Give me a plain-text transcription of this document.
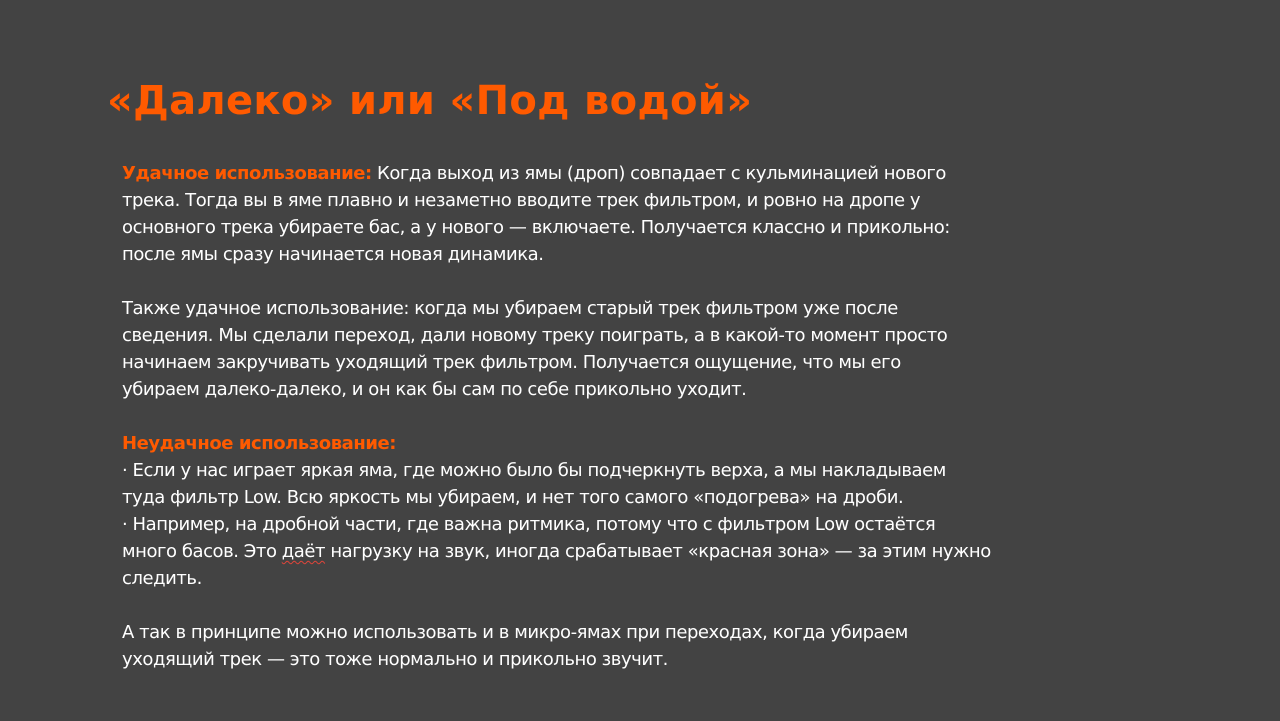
«Далеко» или «Под водой»

Удачное использование: Когда выход из ямы (дроп) совпадает с кульминацией нового
трека. Тогда вы в яме плавно и незаметно вводите трек фильтром, и ровно на дропе у
основного трека убираете бас, а у нового — включаете. Получается классно и прикольно:
после ямы сразу начинается новая динамика.

Также удачное использование: когда мы убираем старый трек фильтром уже после
сведения. Мы сделали переход, дали новому треку поиграть, а в какой-то момент просто
начинаем закручивать уходящий трек фильтром. Получается ощущение, что мы его
убираем далеко-далеко, и он как бы сам по себе прикольно уходит.

Неудачное использование:
· Если у нас играет яркая яма, где можно было бы подчеркнуть верха, а мы накладываем
туда фильтр Low. Всю яркость мы убираем, и нет того самого «подогрева» на дроби.
· Например, на дробной части, где важна ритмика, потому что с фильтром Low остаётся
много басов. Это даёт нагрузку на звук, иногда срабатывает «красная зона» — за этим нужно
следить.

А так в принципе можно использовать и в микро-ямах при переходах, когда убираем
уходящий трек — это тоже нормально и прикольно звучит.
